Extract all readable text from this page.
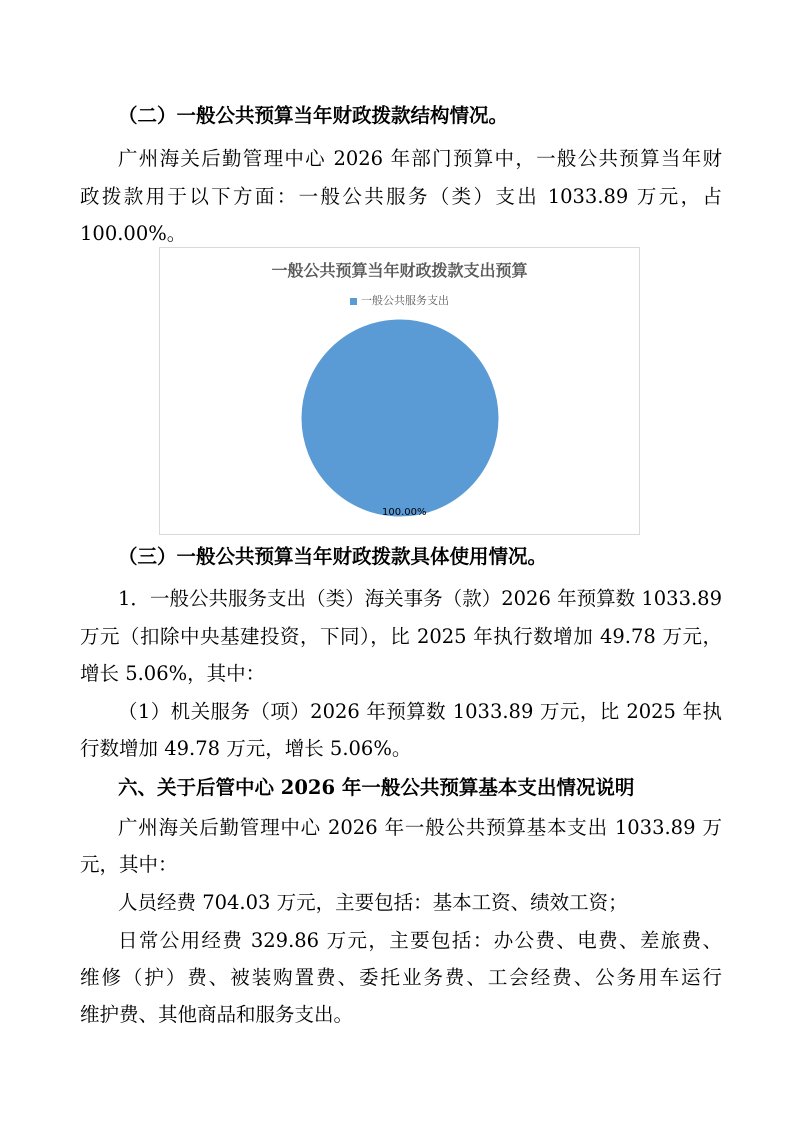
（二）一般公共预算当年财政拨款结构情况。
广州海关后勤管理中心 2026 年部门预算中，一般公共预算当年财
政拨款用于以下方面：一般公共服务（类）支出 1033.89 万元，占
100.00%。
一般公共预算当年财政拨款支出预算
一般公共服务支出
100.00%
（三）一般公共预算当年财政拨款具体使用情况。
1．一般公共服务支出（类）海关事务（款）2026 年预算数 1033.89
万元（扣除中央基建投资，下同），比 2025 年执行数增加 49.78 万元，
增长 5.06%，其中：
（1）机关服务（项）2026 年预算数 1033.89 万元，比 2025 年执
行数增加 49.78 万元，增长 5.06%。
六、关于后管中心 2026 年一般公共预算基本支出情况说明
广州海关后勤管理中心 2026 年一般公共预算基本支出 1033.89 万
元，其中：
人员经费 704.03 万元，主要包括：基本工资、绩效工资；
日常公用经费 329.86 万元，主要包括：办公费、电费、差旅费、
维修（护）费、被装购置费、委托业务费、工会经费、公务用车运行
维护费、其他商品和服务支出。
